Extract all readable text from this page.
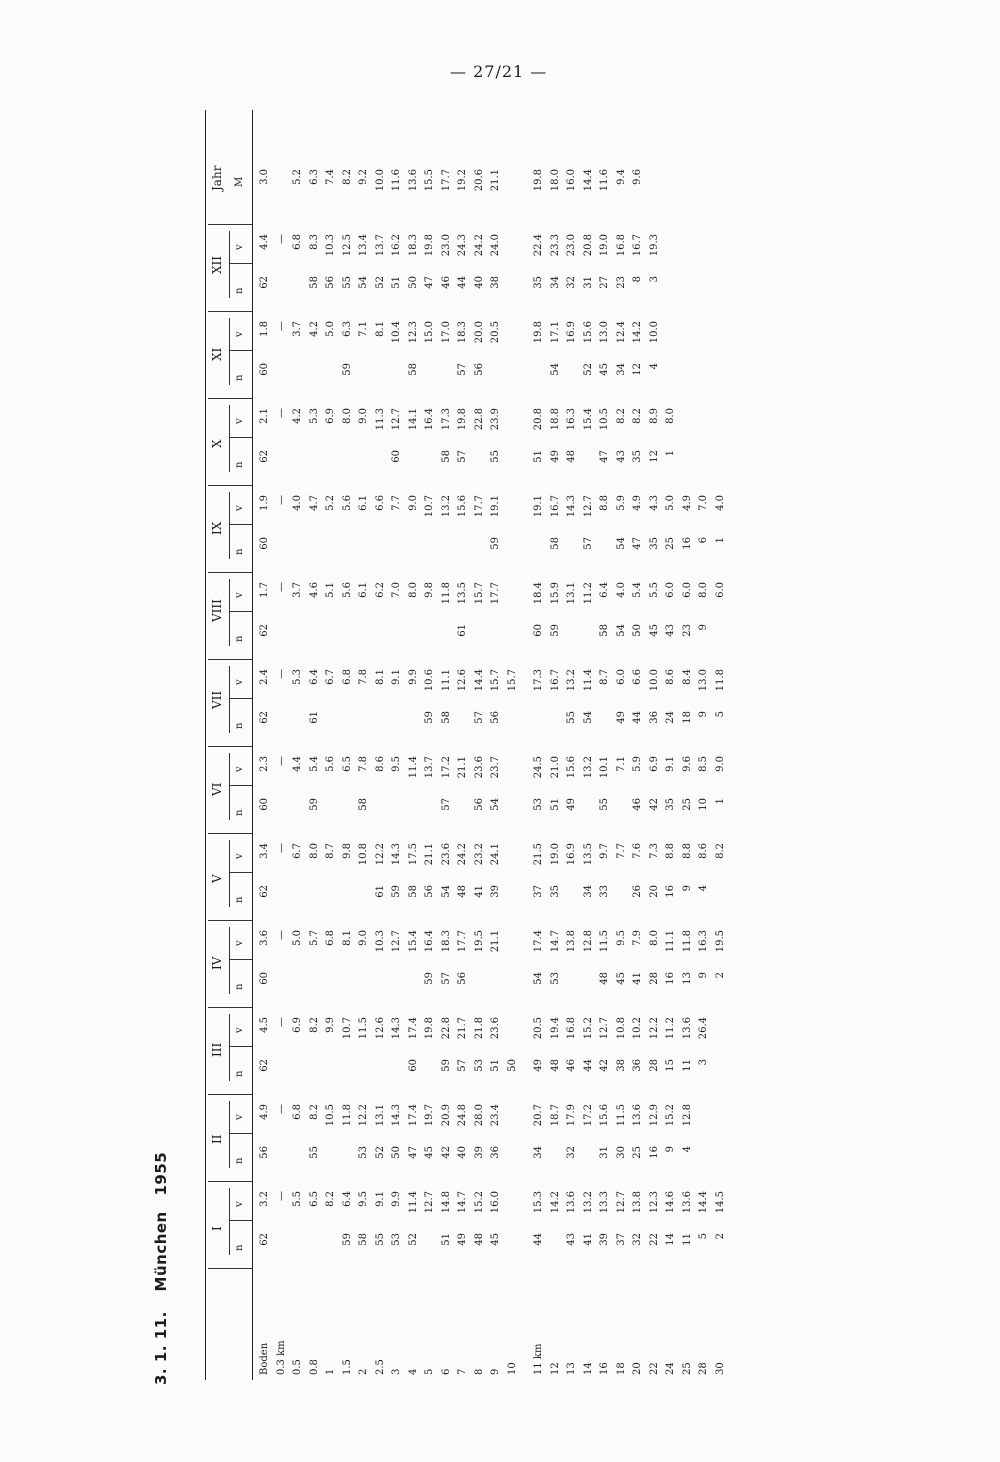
— 27/21 —
3. 1. 11. München 1955
I
n
v
II
n
v
III
n
v
IV
n
v
V
n
v
VI
n
v
VII
n
v
VIII
n
v
IX
n
v
X
n
v
XI
n
v
XII
n
v
Jahr M
Boden
62
3.2
56
4.9
62
4.5
60
3.6
62
3.4
60
2.3
62
2.4
62
1.7
60
1.9
62
2.1
60
1.8
62
4.4
3.0
0.3 km
—
—
—
—
—
—
—
—
—
—
—
—
0.5
5.5
6.8
6.9
5.0
6.7
4.4
5.3
3.7
4.0
4.2
3.7
6.8
5.2
0.8
6.5
55
8.2
8.2
5.7
8.0
59
5.4
61
6.4
4.6
4.7
5.3
4.2
58
8.3
6.3
1
8.2
10.5
9.9
6.8
8.7
5.6
6.7
5.1
5.2
6.9
5.0
56
10.3
7.4
1.5
59
6.4
11.8
10.7
8.1
9.8
6.5
6.8
5.6
5.6
8.0
59
6.3
55
12.5
8.2
2
58
9.5
53
12.2
11.5
9.0
10.8
58
7.8
7.8
6.1
6.1
9.0
7.1
54
13.4
9.2
2.5
55
9.1
52
13.1
12.6
10.3
61
12.2
8.6
8.1
6.2
6.6
11.3
8.1
52
13.7
10.0
3
53
9.9
50
14.3
14.3
12.7
59
14.3
9.5
9.1
7.0
7.7
60
12.7
10.4
51
16.2
11.6
4
52
11.4
47
17.4
60
17.4
15.4
58
17.5
11.4
9.9
8.0
9.0
14.1
58
12.3
50
18.3
13.6
5
12.7
45
19.7
19.8
59
16.4
56
21.1
13.7
59
10.6
9.8
10.7
16.4
15.0
47
19.8
15.5
6
51
14.8
42
20.9
59
22.8
57
18.3
54
23.6
57
17.2
58
11.1
11.8
13.2
58
17.3
17.0
46
23.0
17.7
7
49
14.7
40
24.8
57
21.7
56
17.7
48
24.2
21.1
12.6
61
13.5
15.6
57
19.8
57
18.3
44
24.3
19.2
8
48
15.2
39
28.0
53
21.8
19.5
41
23.2
56
23.6
57
14.4
15.7
17.7
22.8
56
20.0
40
24.2
20.6
9
45
16.0
36
23.4
51
23.6
21.1
39
24.1
54
23.7
56
15.7
17.7
59
19.1
55
23.9
20.5
38
24.0
21.1
10
50
15.7
11 km
44
15.3
34
20.7
49
20.5
54
17.4
37
21.5
53
24.5
17.3
60
18.4
19.1
51
20.8
19.8
35
22.4
19.8
12
14.2
18.7
48
19.4
53
14.7
35
19.0
51
21.0
16.7
59
15.9
58
16.7
49
18.8
54
17.1
34
23.3
18.0
13
43
13.6
32
17.9
46
16.8
13.8
16.9
49
15.6
55
13.2
13.1
14.3
48
16.3
16.9
32
23.0
16.0
14
41
13.2
17.2
44
15.2
12.8
34
13.5
13.2
54
11.4
11.2
57
12.7
15.4
52
15.6
31
20.8
14.4
16
39
13.3
31
15.6
42
12.7
48
11.5
33
9.7
55
10.1
8.7
58
6.4
8.8
47
10.5
45
13.0
27
19.0
11.6
18
37
12.7
30
11.5
38
10.8
45
9.5
7.7
7.1
49
6.0
54
4.0
54
5.9
43
8.2
34
12.4
23
16.8
9.4
20
32
13.8
25
13.6
36
10.2
41
7.9
26
7.6
46
5.9
44
6.6
50
5.4
47
4.9
35
8.2
12
14.2
8
16.7
9.6
22
22
12.3
16
12.9
28
12.2
28
8.0
20
7.3
42
6.9
36
10.0
45
5.5
35
4.3
12
8.9
4
10.0
3
19.3
24
14
14.6
9
15.2
15
11.2
16
11.1
16
8.8
35
9.1
24
8.6
43
6.0
25
5.0
1
8.0
25
11
13.6
4
12.8
11
13.6
13
11.8
9
8.8
25
9.6
18
8.4
23
6.0
16
4.9
28
5
14.4
3
26.4
9
16.3
4
8.6
10
8.5
9
13.0
9
8.0
6
7.0
30
2
14.5
2
19.5
8.2
1
9.0
5
11.8
6.0
1
4.0
